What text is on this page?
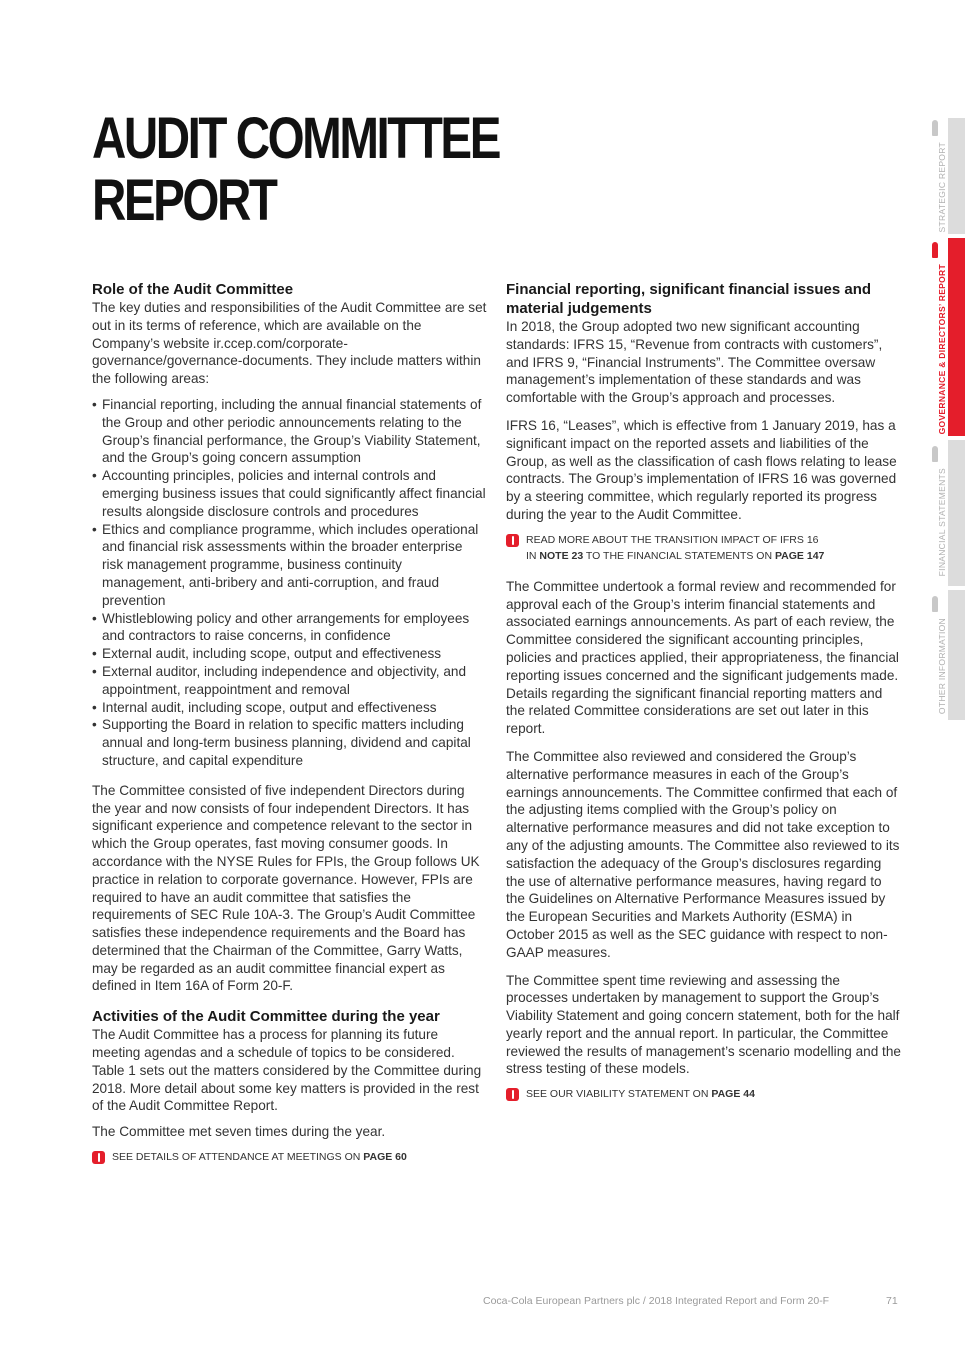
AUDIT COMMITTEE
REPORT
Role of the Audit Committee

The key duties and responsibilities of the Audit Committee are set out in its terms of reference, which are available on the Company’s website ir.ccep.com/corporate-governance/governance-documents. They include matters within the following areas:

• Financial reporting, including the annual financial statements of the Group and other periodic announcements relating to the Group’s financial performance, the Group’s Viability Statement, and the Group’s going concern assumption
• Accounting principles, policies and internal controls and emerging business issues that could significantly affect financial results alongside disclosure controls and procedures
• Ethics and compliance programme, which includes operational and financial risk assessments within the broader enterprise risk management programme, business continuity management, anti-bribery and anti-corruption, and fraud prevention
• Whistleblowing policy and other arrangements for employees and contractors to raise concerns, in confidence
• External audit, including scope, output and effectiveness
• External auditor, including independence and objectivity, and appointment, reappointment and removal
• Internal audit, including scope, output and effectiveness
• Supporting the Board in relation to specific matters including annual and long-term business planning, dividend and capital structure, and capital expenditure

The Committee consisted of five independent Directors during the year and now consists of four independent Directors. It has significant experience and competence relevant to the sector in which the Group operates, fast moving consumer goods. In accordance with the NYSE Rules for FPIs, the Group follows UK practice in relation to corporate governance. However, FPIs are required to have an audit committee that satisfies the requirements of SEC Rule 10A-3. The Group’s Audit Committee satisfies these independence requirements and the Board has determined that the Chairman of the Committee, Garry Watts, may be regarded as an audit committee financial expert as defined in Item 16A of Form 20-F.

Activities of the Audit Committee during the year

The Audit Committee has a process for planning its future meeting agendas and a schedule of topics to be considered. Table 1 sets out the matters considered by the Committee during 2018. More detail about some key matters is provided in the rest of the Audit Committee Report.

The Committee met seven times during the year.

SEE DETAILS OF ATTENDANCE AT MEETINGS ON PAGE 60
Financial reporting, significant financial issues and material judgements

In 2018, the Group adopted two new significant accounting standards: IFRS 15, “Revenue from contracts with customers”, and IFRS 9, “Financial Instruments”. The Committee oversaw management’s implementation of these standards and was comfortable with the Group’s approach and processes.

IFRS 16, “Leases”, which is effective from 1 January 2019, has a significant impact on the reported assets and liabilities of the Group, as well as the classification of cash flows relating to lease contracts. The Group’s implementation of IFRS 16 was governed by a steering committee, which regularly reported its progress during the year to the Audit Committee.

READ MORE ABOUT THE TRANSITION IMPACT OF IFRS 16
IN NOTE 23 TO THE FINANCIAL STATEMENTS ON PAGE 147

The Committee undertook a formal review and recommended for approval each of the Group’s interim financial statements and associated earnings announcements. As part of each review, the Committee considered the significant accounting principles, policies and practices applied, their appropriateness, the financial reporting issues concerned and the significant judgements made. Details regarding the significant financial reporting matters and the related Committee considerations are set out later in this report.

The Committee also reviewed and considered the Group’s alternative performance measures in each of the Group’s earnings announcements. The Committee confirmed that each of the adjusting items complied with the Group’s policy on alternative performance measures and did not take exception to any of the adjusting amounts. The Committee also reviewed to its satisfaction the adequacy of the Group’s disclosures regarding the use of alternative performance measures, having regard to the Guidelines on Alternative Performance Measures issued by the European Securities and Markets Authority (ESMA) in October 2015 as well as the SEC guidance with respect to non-GAAP measures.

The Committee spent time reviewing and assessing the processes undertaken by management to support the Group’s Viability Statement and going concern statement, both for the half yearly report and the annual report. In particular, the Committee reviewed the results of management’s scenario modelling and the stress testing of these models.

SEE OUR VIABILITY STATEMENT ON PAGE 44
STRATEGIC REPORT
GOVERNANCE & DIRECTORS’ REPORT
FINANCIAL STATEMENTS
OTHER INFORMATION
Coca-Cola European Partners plc / 2018 Integrated Report and Form 20-F	71
